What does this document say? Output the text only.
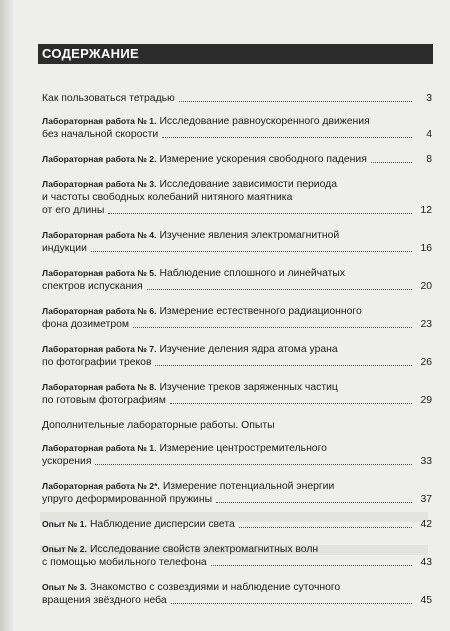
СОДЕРЖАНИЕ
Как пользоваться тетрадью	3
Лабораторная работа № 1. Исследование равноускоренного движения
без начальной скорости	4
Лабораторная работа № 2. Измерение ускорения свободного падения	8
Лабораторная работа № 3. Исследование зависимости периода
и частоты свободных колебаний нитяного маятника
от его длины	12
Лабораторная работа № 4. Изучение явления электромагнитной
индукции	16
Лабораторная работа № 5. Наблюдение сплошного и линейчатых
спектров испускания	20
Лабораторная работа № 6. Измерение естественного радиационного
фона дозиметром	23
Лабораторная работа № 7. Изучение деления ядра атома урана
по фотографии треков	26
Лабораторная работа № 8. Изучение треков заряженных частиц
по готовым фотографиям	29
Дополнительные лабораторные работы. Опыты
Лабораторная работа № 1. Измерение центростремительного
ускорения	33
Лабораторная работа № 2*. Измерение потенциальной энергии
упруго деформированной пружины	37
Опыт № 1. Наблюдение дисперсии света	42
Опыт № 2. Исследование свойств электромагнитных волн
с помощью мобильного телефона	43
Опыт № 3. Знакомство с созвездиями и наблюдение суточного
вращения звёздного неба	45
